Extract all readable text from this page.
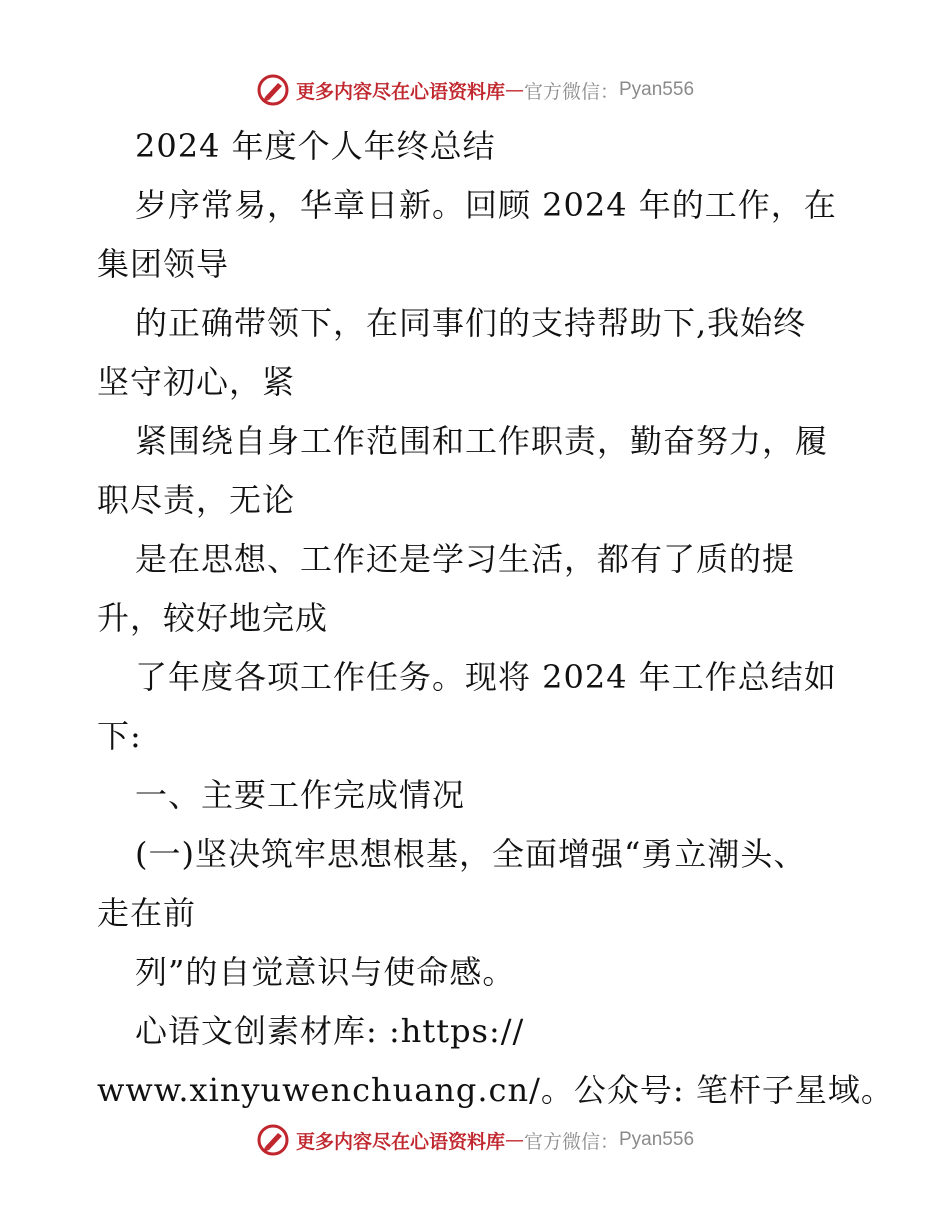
更多内容尽在心语资料库 — 官方微信： Pyan556
2024 年度个人年终总结
岁序常易，华章日新。回顾 2024 年的工作，在
集团领导
的正确带领下，在同事们的支持帮助下,我始终
坚守初心，紧
紧围绕自身工作范围和工作职责，勤奋努力，履
职尽责，无论
是在思想、工作还是学习生活，都有了质的提
升，较好地完成
了年度各项工作任务。现将 2024 年工作总结如
下:
一、主要工作完成情况
(一)坚决筑牢思想根基，全面增强“勇立潮头、
走在前
列”的自觉意识与使命感。
心语文创素材库: :https://
www.xinyuwenchuang.cn/。公众号: 笔杆子星域。
更多内容尽在心语资料库 — 官方微信： Pyan556
